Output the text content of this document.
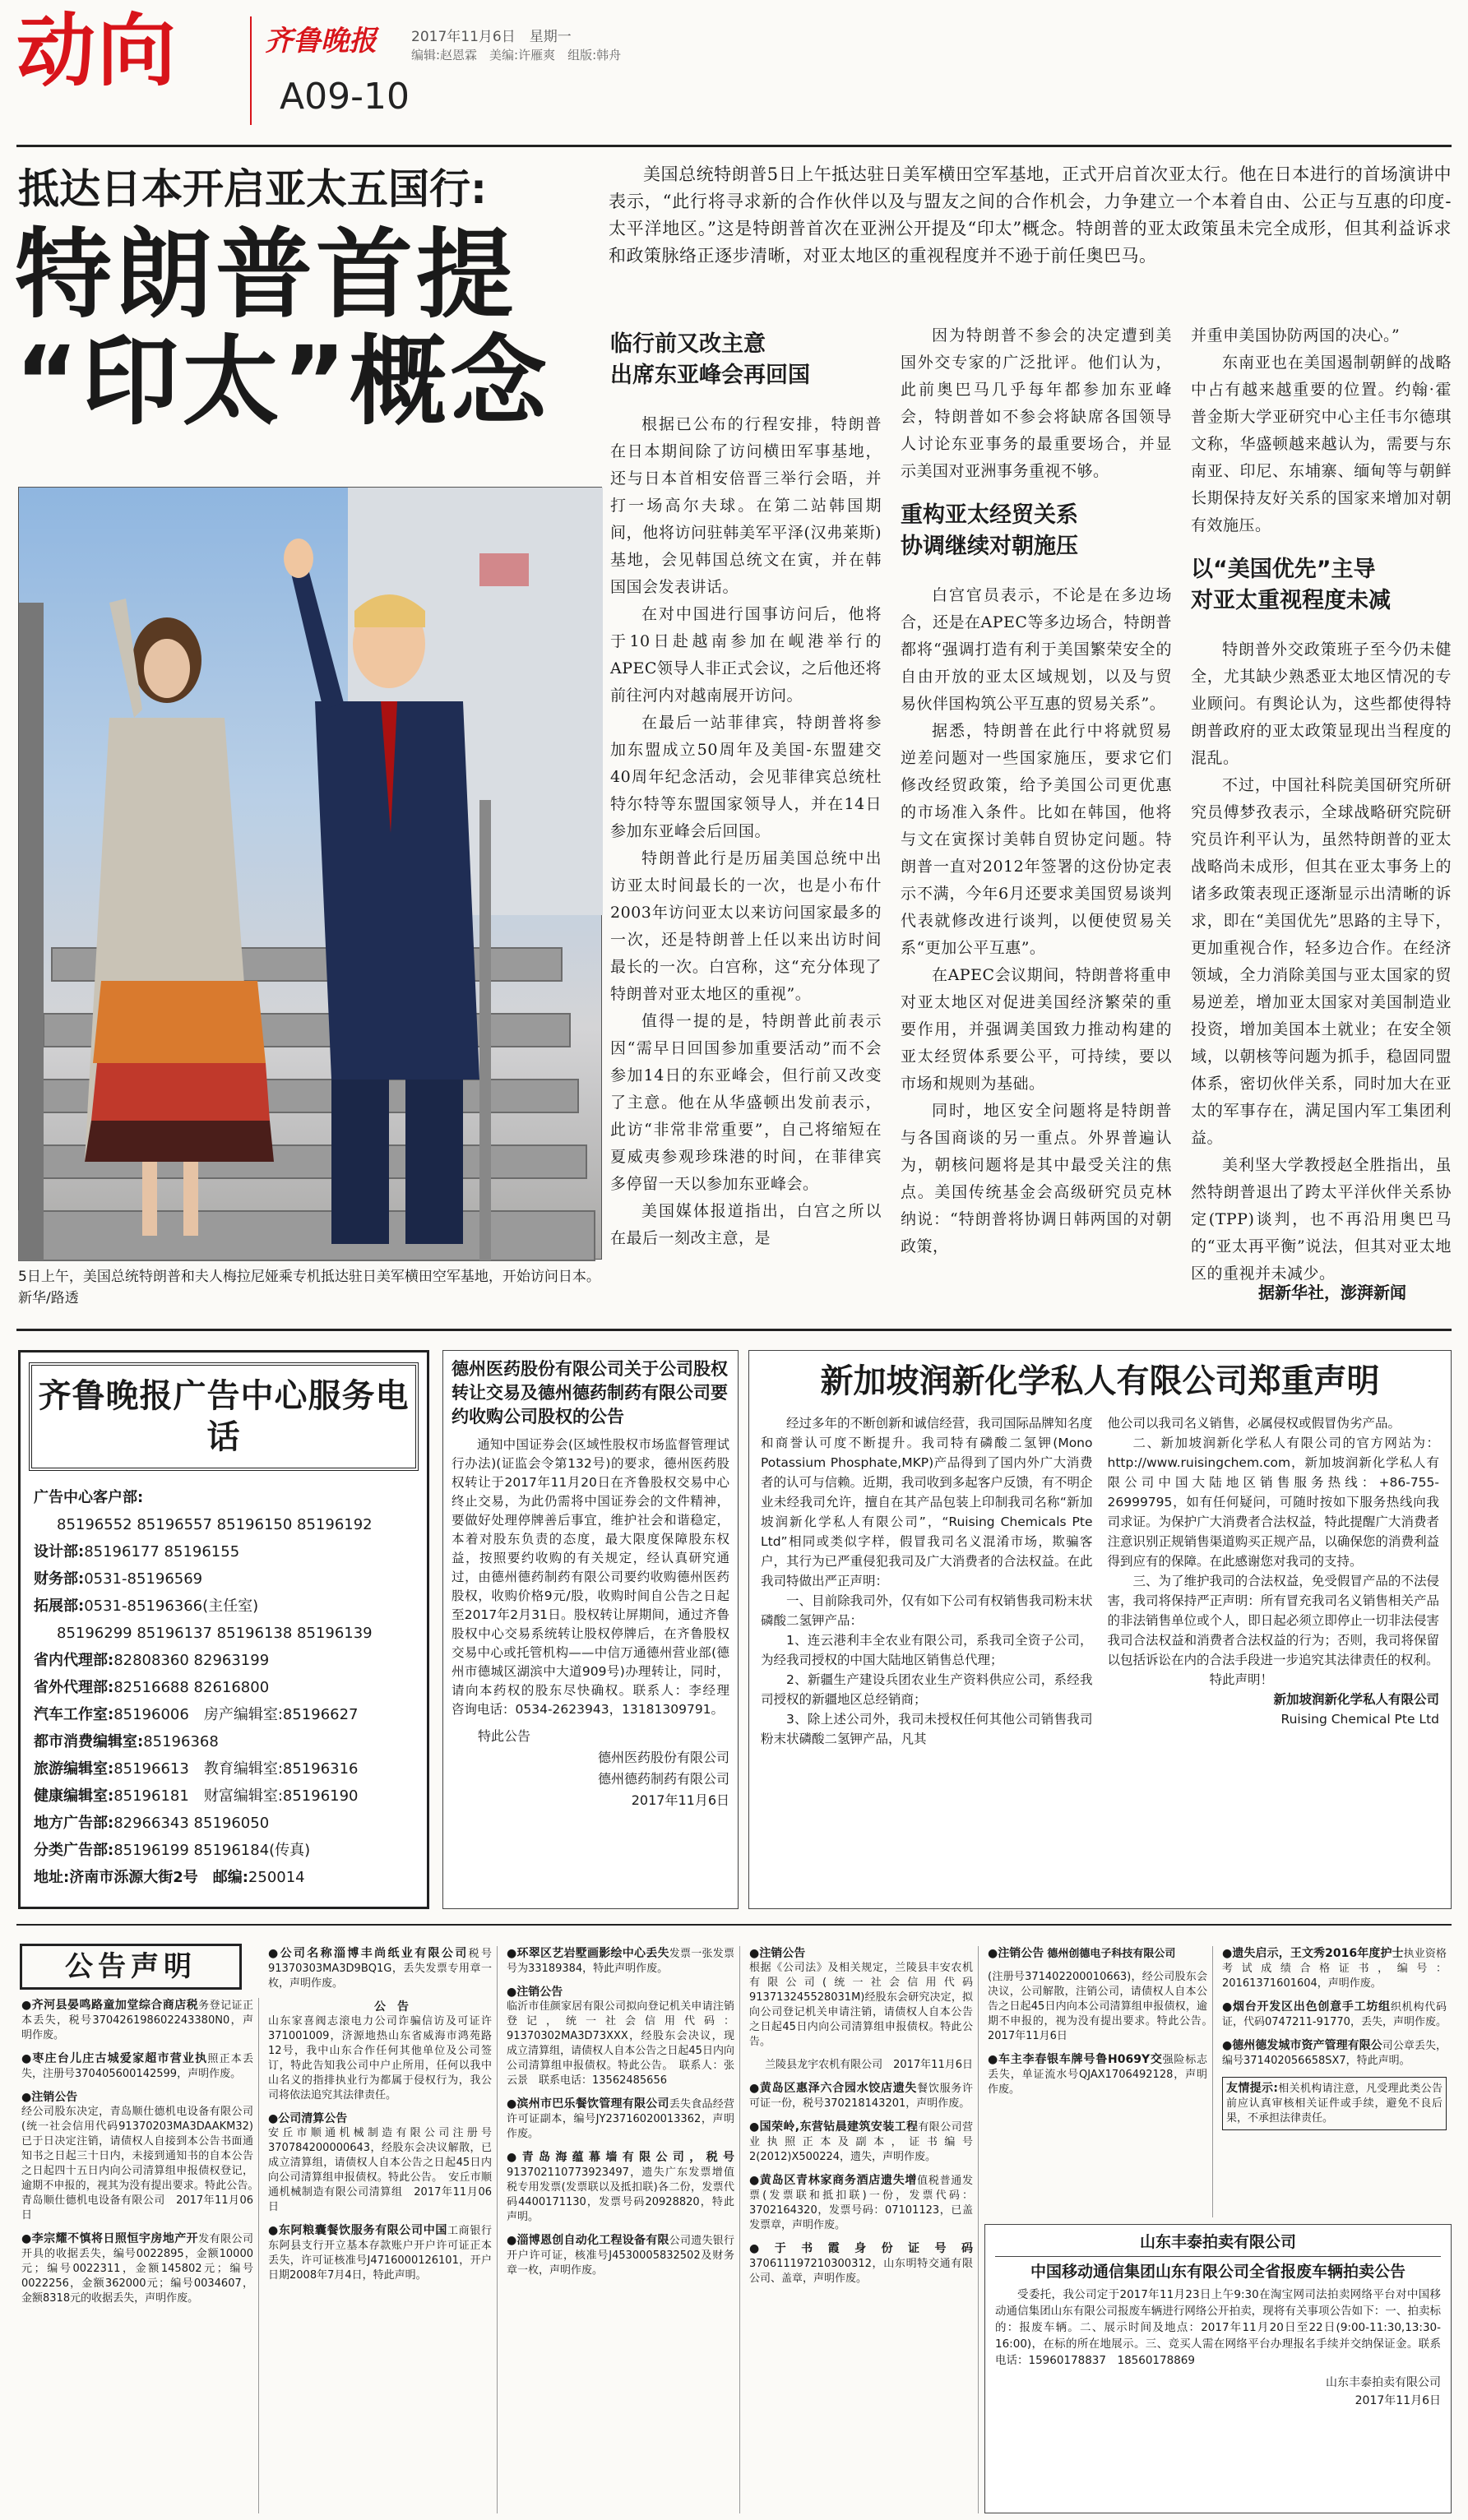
动向	齐鲁晚报 2017年11月6日　 星期一
编辑:赵恩霖　美编:许雁爽　组版:韩舟
A09-10
抵达日本开启亚太五国行:
特朗普首提
“印太”概念
美国总统特朗普5日上午抵达驻日美军横田空军基地，正式开启首次亚太行。他在日本进行的首场演讲中表示，“此行将寻求新的合作伙伴以及与盟友之间的合作机会，力争建立一个本着自由、公正与互惠的印度-太平洋地区。”这是特朗普首次在亚洲公开提及“印太”概念。特朗普的亚太政策虽未完全成形，但其利益诉求和政策脉络正逐步清晰，对亚太地区的重视程度并不逊于前任奥巴马。
5日上午，美国总统特朗普和夫人梅拉尼娅乘专机抵达驻日美军横田空军基地，开始访问日本。　新华/路透
临行前又改主意
出席东亚峰会再回国

根据已公布的行程安排，特朗普在日本期间除了访问横田军事基地，还与日本首相安倍晋三举行会晤，并打一场高尔夫球。在第二站韩国期间，他将访问驻韩美军平泽(汉弗莱斯)基地，会见韩国总统文在寅，并在韩国国会发表讲话。

在对中国进行国事访问后，他将于10日赴越南参加在岘港举行的APEC领导人非正式会议，之后他还将前往河内对越南展开访问。

在最后一站菲律宾，特朗普将参加东盟成立50周年及美国-东盟建交40周年纪念活动，会见菲律宾总统杜特尔特等东盟国家领导人，并在14日参加东亚峰会后回国。

特朗普此行是历届美国总统中出访亚太时间最长的一次，也是小布什2003年访问亚太以来访问国家最多的一次，还是特朗普上任以来出访时间最长的一次。白宫称，这“充分体现了特朗普对亚太地区的重视”。

值得一提的是，特朗普此前表示因“需早日回国参加重要活动”而不会参加14日的东亚峰会，但行前又改变了主意。他在从华盛顿出发前表示，此访“非常非常重要”，自己将缩短在夏威夷参观珍珠港的时间，在菲律宾多停留一天以参加东亚峰会。

美国媒体报道指出，白宫之所以在最后一刻改主意，是

因为特朗普不参会的决定遭到美国外交专家的广泛批评。他们认为，此前奥巴马几乎每年都参加东亚峰会，特朗普如不参会将缺席各国领导人讨论东亚事务的最重要场合，并显示美国对亚洲事务重视不够。

重构亚太经贸关系
协调继续对朝施压

白宫官员表示，不论是在多边场合，还是在APEC等多边场合，特朗普都将“强调打造有利于美国繁荣安全的自由开放的亚太区域规划，以及与贸易伙伴国构筑公平互惠的贸易关系”。

据悉，特朗普在此行中将就贸易逆差问题对一些国家施压，要求它们修改经贸政策，给予美国公司更优惠的市场准入条件。比如在韩国，他将与文在寅探讨美韩自贸协定问题。特朗普一直对2012年签署的这份协定表示不满，今年6月还要求美国贸易谈判代表就修改进行谈判，以便使贸易关系“更加公平互惠”。

在APEC会议期间，特朗普将重申对亚太地区对促进美国经济繁荣的重要作用，并强调美国致力推动构建的亚太经贸体系要公平，可持续，要以市场和规则为基础。

同时，地区安全问题将是特朗普与各国商谈的另一重点。外界普遍认为，朝核问题将是其中最受关注的焦点。美国传统基金会高级研究员克林纳说：“特朗普将协调日韩两国的对朝政策，

并重申美国协防两国的决心。”

东南亚也在美国遏制朝鲜的战略中占有越来越重要的位置。约翰·霍普金斯大学亚研究中心主任韦尔德琪文称，华盛顿越来越认为，需要与东南亚、印尼、东埔寨、缅甸等与朝鲜长期保持友好关系的国家来增加对朝有效施压。

以“美国优先”主导
对亚太重视程度未减

特朗普外交政策班子至今仍未健全，尤其缺少熟悉亚太地区情况的专业顾问。有舆论认为，这些都使得特朗普政府的亚太政策显现出当程度的混乱。

不过，中国社科院美国研究所研究员傅梦孜表示，全球战略研究院研究员许利平认为，虽然特朗普的亚太战略尚未成形，但其在亚太事务上的诸多政策表现正逐渐显示出清晰的诉求，即在“美国优先”思路的主导下，更加重视合作，轻多边合作。在经济领域，全力消除美国与亚太国家的贸易逆差，增加亚太国家对美国制造业投资，增加美国本土就业；在安全领域，以朝核等问题为抓手，稳固同盟体系，密切伙伴关系，同时加大在亚太的军事存在，满足国内军工集团利益。

美利坚大学教授赵全胜指出，虽然特朗普退出了跨太平洋伙伴关系协定(TPP)谈判，也不再沿用奥巴马的“亚太再平衡”说法，但其对亚太地区的重视并未减少。

据新华社，澎湃新闻
齐鲁晚报广告中心服务电话
广告中心客户部:
85196552 85196557 85196150 85196192
设计部:85196177 85196155
财务部:0531-85196569
拓展部:0531-85196366(主任室)
85196299 85196137 85196138 85196139
省内代理部:82808360 82963199
省外代理部:82516688 82616800
汽车工作室:85196006　房产编辑室:85196627
都市消费编辑室:85196368
旅游编辑室:85196613　教育编辑室:85196316
健康编辑室:85196181　财富编辑室:85196190
地方广告部:82966343 85196050
分类广告部:85196199 85196184(传真)
地址:济南市泺源大街2号　邮编:250014
德州医药股份有限公司关于公司股权转让交易及德州德药制药有限公司要约收购公司股权的公告
通知中国证券会(区域性股权市场监督管理试行办法)(证监会令第132号)的要求，德州医药股权转让于2017年11月20日在齐鲁股权交易中心终止交易，为此仍需将中国证券会的文件精神，要做好处理停牌善后事宜，维护社会和谐稳定，本着对股东负责的态度，最大限度保障股东权益，按照要约收购的有关规定，经认真研究通过，由德州德药制药有限公司要约收购德州医药股权，收购价格9元/股，收购时间自公告之日起至2017年2月31日。股权转让屏期间，通过齐鲁股权中心交易系统转让股权停牌后，在齐鲁股权交易中心或托管机构——中信万通德州营业部(德州市德城区湖滨中大道909号)办理转让，同时，请向本药权的股东尽快确权。联系人：李经理　咨询电话：0534-2623943，13181309791。
特此公告
德州医药股份有限公司
德州德药制药有限公司
2017年11月6日
新加坡润新化学私人有限公司郑重声明

经过多年的不断创新和诚信经营，我司国际品牌知名度和商誉认可度不断提升。我司特有磷酸二氢钾(Mono Potassium Phosphate,MKP)产品得到了国内外广大消费者的认可与信赖。近期，我司收到多起客户反馈，有不明企业未经我司允许，擅自在其产品包装上印制我司名称“新加坡润新化学私人有限公司”，“Ruising Chemicals Pte Ltd”相同或类似字样，假冒我司名义混淆市场，欺骗客户，其行为已严重侵犯我司及广大消费者的合法权益。在此我司特做出严正声明：

一、目前除我司外，仅有如下公司有权销售我司粉末状磷酸二氢钾产品：

1、连云港利丰全农业有限公司，系我司全资子公司，为经我司授权的中国大陆地区销售总代理；

2、新疆生产建设兵团农业生产资料供应公司，系经我司授权的新疆地区总经销商；

3、除上述公司外，我司未授权任何其他公司销售我司粉末状磷酸二氢钾产品，凡其

他公司以我司名义销售，必属侵权或假冒伪劣产品。

二、新加坡润新化学私人有限公司的官方网站为：http://www.ruisingchem.com，新加坡润新化学私人有限公司中国大陆地区销售服务热线：+86-755-26999795，如有任何疑问，可随时按如下服务热线向我司求证。为保护广大消费者合法权益，特此提醒广大消费者注意识别正规销售渠道购买正规产品，以确保您的消费利益得到应有的保障。在此感谢您对我司的支持。

三、为了维护我司的合法权益，免受假冒产品的不法侵害，我司将保持严正声明：所有冒充我司名义销售相关产品的非法销售单位或个人，即日起必须立即停止一切非法侵害我司合法权益和消费者合法权益的行为；否则，我司将保留以包括诉讼在内的合法手段进一步追究其法律责任的权利。

特此声明！

新加坡润新化学私人有限公司

Ruising Chemical Pte Ltd

公告声明
●齐河县晏鸣路童加堂综合商店税务登记证正本丢失，税号370426198602243380N0，声明作废。
●枣庄台儿庄古城爱家超市营业执照正本丢失，注册号370405600142599，声明作废。
●注销公告
经公司股东决定，青岛顺仕德机电设备有限公司(统一社会信用代码91370203MA3DAAKM32)已于日决定注销，请债权人自接到本公告书面通知书之日起三十日内，未接到通知书的自本公告之日起四十五日内向公司清算组申报债权登记，逾期不申报的，视其为没有提出要求。特此公告。　青岛顺仕德机电设备有限公司　2017年11月06日
●李宗耀不慎将日照恒宇房地产开发有限公司开具的收据丢失，编号0022895，金额10000元；编号0022311，金额145802元；编号0022256，金额362000元；编号0034607，金额8318元的收据丢失，声明作废。
●公司名称淄博丰尚纸业有限公司税号91370303MA3D9BQ1G，丢失发票专用章一枚，声明作废。
　　公　告
山东家喜阀志滚电力公司诈骗信访及可证许371001009，济源地热山东省威海市鸿苑路12号，我中山东合作任何其他单位及公司签订，特此告知我公司中户止所用，任何以我中山名义的指排执业行为都属于侵权行为，我公司将依法追究其法律责任。
●公司清算公告
安丘市顺通机械制造有限公司注册号370784200000643，经股东会决议解散，已成立清算组，请债权人自本公告之日起45日内向公司清算组申报债权。特此公告。　安丘市顺通机械制造有限公司清算组　2017年11月06日
●东阿粮囊餐饮服务有限公司中国工商银行东阿县支行开立基本存款账户开户许可证正本丢失，许可证核准号J4716000126101，开户日期2008年7月4日，特此声明。
●环翠区艺岩墅画影绘中心丢失发票一张发票号为33189384，特此声明作废。
●注销公告
临沂市佳颜家居有限公司拟向登记机关申请注销登记，统一社会信用代码：91370302MA3D73XXX，经股东会决议，现成立清算组，请债权人自本公告之日起45日内向公司清算组申报债权。特此公告。　联系人：张云景　联系电话：13562485656
●滨州市巴乐餐饮管理有限公司丢失食品经营许可证副本，编号JY23716020013362，声明作废。
●青岛海蕴幕墙有限公司，税号913702110773923497，遗失广东发票增值税专用发票(发票联以及抵扣联)各二份，发票代码4400171130，发票号码20928820，特此声明。
●淄博恩创自动化工程设备有限公司遗失银行开户许可证，核准号J4530005832502及财务章一枚，声明作废。
●注销公告
根据《公司法》及相关规定，兰陵县丰安农机有限公司(统一社会信用代码913713245528031M)经股东会研究决定，拟向公司登记机关申请注销，请债权人自本公告之日起45日内向公司清算组申报债权。特此公告。
兰陵县龙宇农机有限公司　2017年11月6日
●黄岛区惠泽六合园水饺店遗失餐饮服务许可证一份，税号370218143201，声明作废。
●国荣岭,东营钻晨建筑安装工程有限公司营业执照正本及副本，证书编号2(2012)X500224，遗失，声明作废。
●黄岛区青林家商务酒店遗失增值税普通发票(发票联和抵扣联)一份，发票代码：3702164320，发票号码：07101123，已盖发票章，声明作废。
●于书霞身份证号码370611197210300312，山东明特交通有限公司、盖章，声明作废。
●注销公告 德州创德电子科技有限公司
(注册号371402200010663)，经公司股东会决议，公司解散，注销公司，请债权人自本公告之日起45日内向本公司清算组申报债权，逾期不申报的，视为没有提出要求。特此公告。　2017年11月6日
●车主李春银车牌号鲁H069Y交强险标志丢失，单证流水号QJAX1706492128，声明作废。
●遗失启示，王文秀2016年度护士执业资格考试成绩合格证书，编号：20161371601604，声明作废。
●烟台开发区出色创意手工坊组织机构代码证，代码0747211-91770，丢失，声明作废。
●德州德发城市资产管理有限公司公章丢失，编号371402056658SX7，特此声明。
友情提示:相关机构请注意，凡受理此类公告前应认真审核相关证件或手续，避免不良后果，不承担法律责任。
山东丰泰拍卖有限公司
中国移动通信集团山东有限公司全省报废车辆拍卖公告
受委托，我公司定于2017年11月23日上午9:30在淘宝网司法拍卖网络平台对中国移动通信集团山东有限公司报废车辆进行网络公开拍卖，现将有关事项公告如下：一、拍卖标的：报废车辆。二、展示时间及地点：2017年11月20日至22日(9:00-11:30,13:30-16:00)，在标的所在地展示。三、竞买人需在网络平台办理报名手续并交纳保证金。联系电话：15960178837　18560178869
山东丰泰拍卖有限公司
2017年11月6日
